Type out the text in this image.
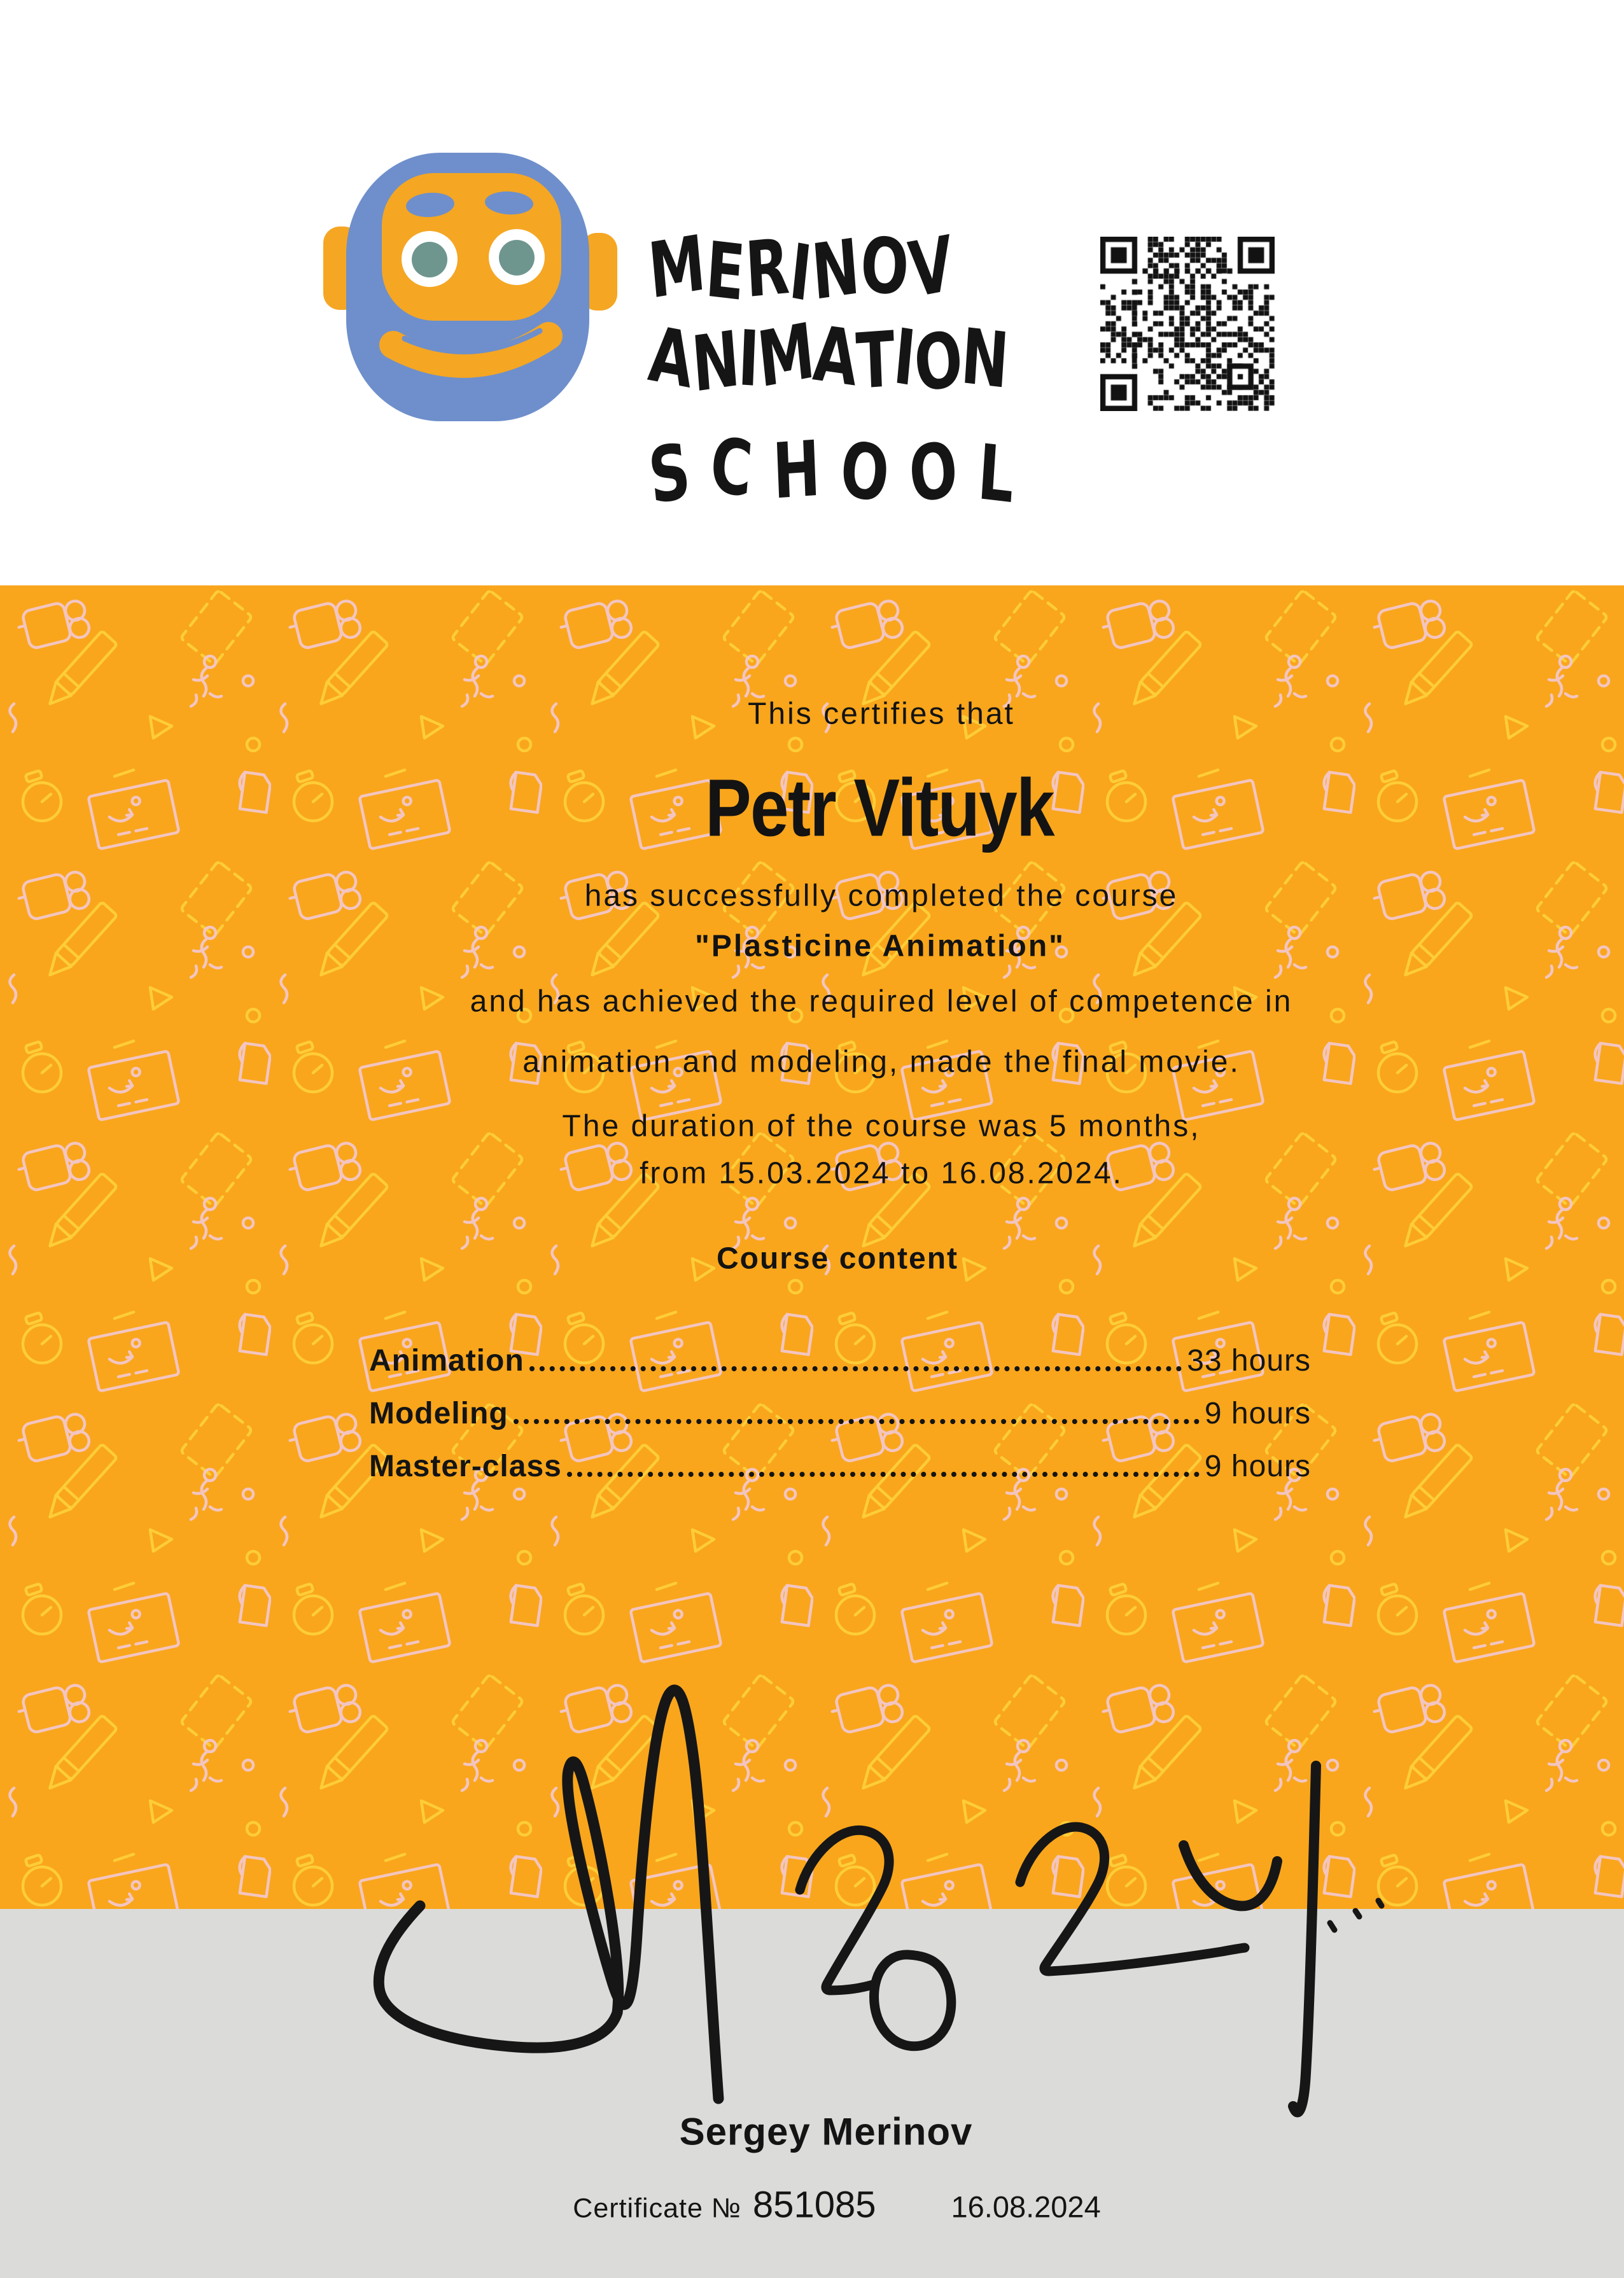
MERINOV
ANIMATION
SCHOOL
This certifies that
Petr Vituyk
has successfully completed the course
"Plasticine Animation"
and has achieved the required level of competence in
animation and modeling, made the final movie.
The duration of the course was 5 months,
from 15.03.2024 to 16.08.2024.
Course content
Animation	33 hours
Modeling	9 hours
Master-class	9 hours
Sergey Merinov
Certificate № 851085	16.08.2024
